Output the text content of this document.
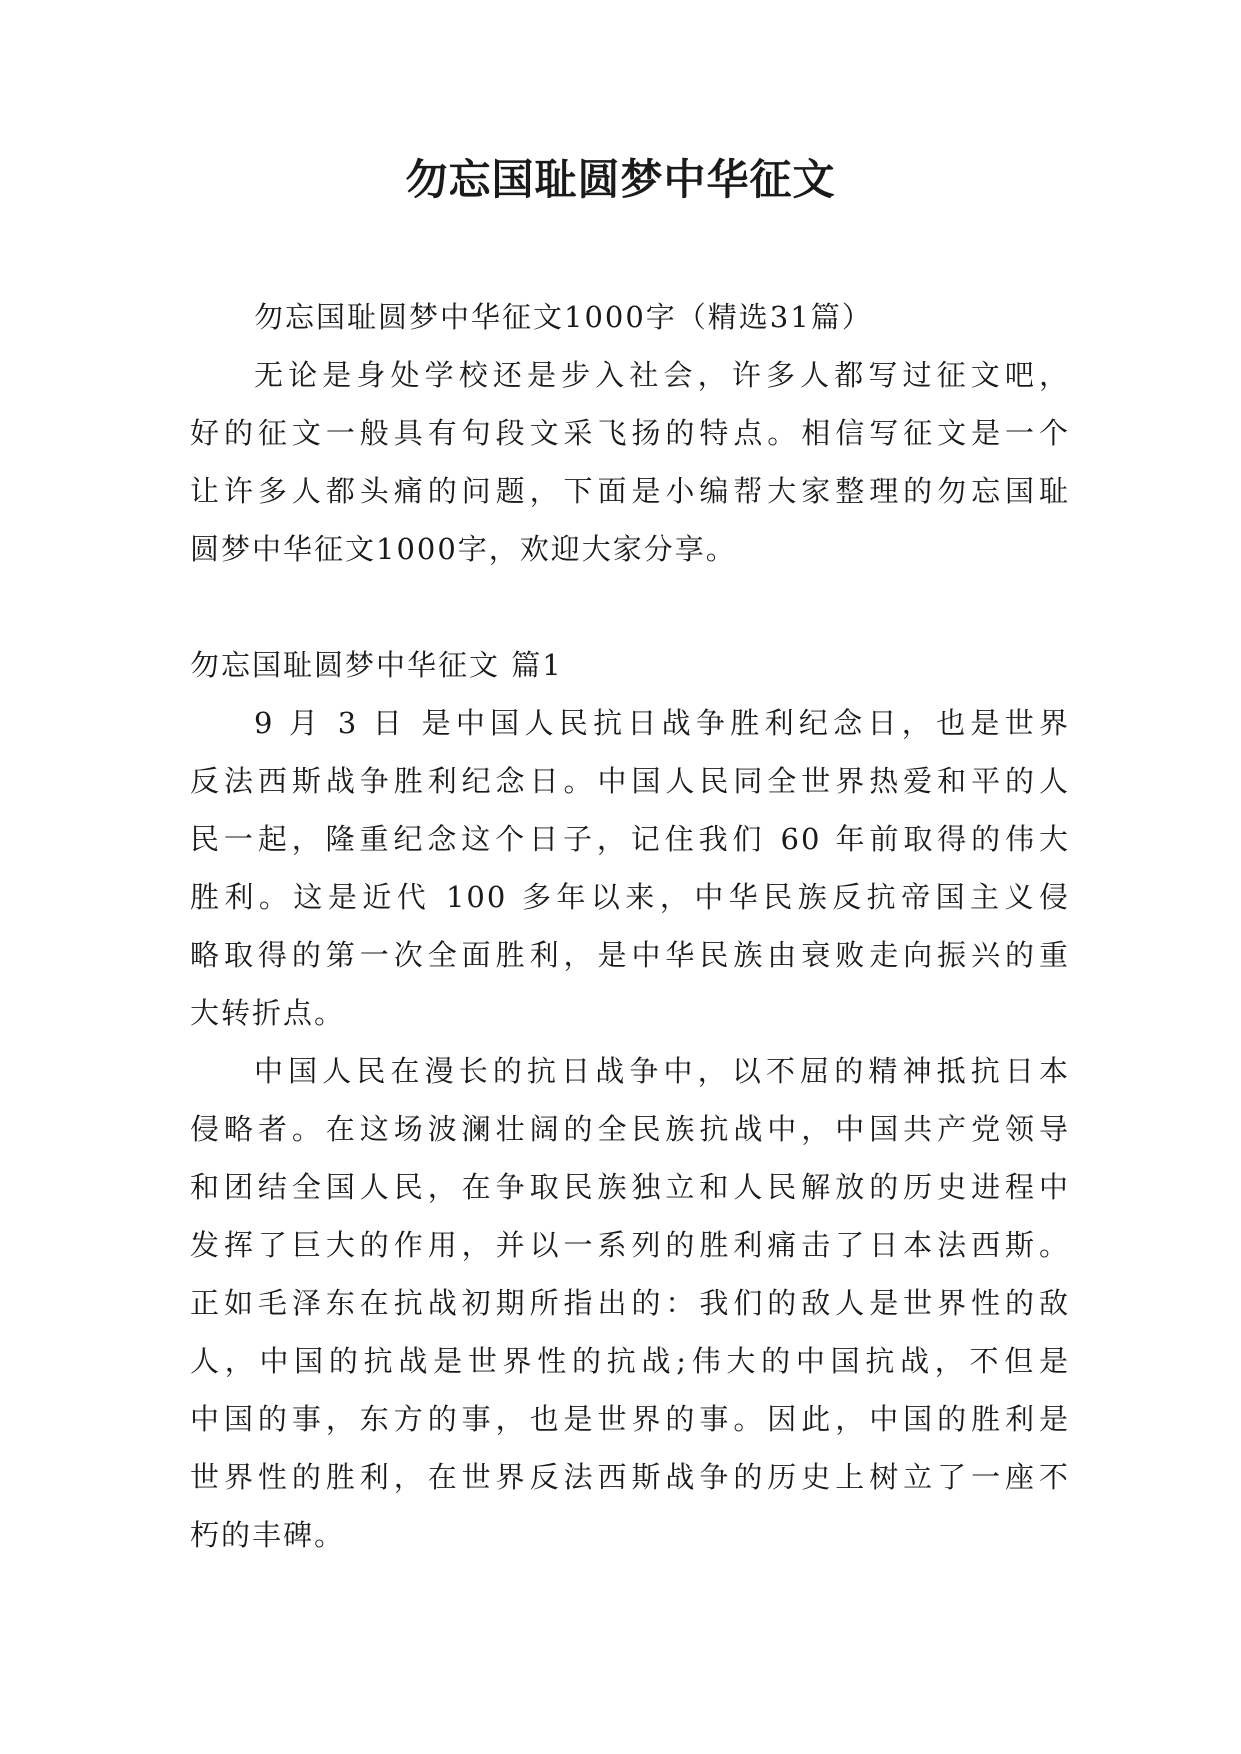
勿忘国耻圆梦中华征文
勿忘国耻圆梦中华征文1000字（精选31篇）
无论是身处学校还是步入社会，许多人都写过征文吧，
好的征文一般具有句段文采飞扬的特点。相信写征文是一个
让许多人都头痛的问题，下面是小编帮大家整理的勿忘国耻
圆梦中华征文1000字，欢迎大家分享。
勿忘国耻圆梦中华征文 篇1
9 月 3 日 是中国人民抗日战争胜利纪念日，也是世界
反法西斯战争胜利纪念日。中国人民同全世界热爱和平的人
民一起，隆重纪念这个日子，记住我们 60 年前取得的伟大
胜利。这是近代 100 多年以来，中华民族反抗帝国主义侵
略取得的第一次全面胜利，是中华民族由衰败走向振兴的重
大转折点。
中国人民在漫长的抗日战争中，以不屈的精神抵抗日本
侵略者。在这场波澜壮阔的全民族抗战中，中国共产党领导
和团结全国人民，在争取民族独立和人民解放的历史进程中
发挥了巨大的作用，并以一系列的胜利痛击了日本法西斯。
正如毛泽东在抗战初期所指出的：我们的敌人是世界性的敌
人，中国的抗战是世界性的抗战;伟大的中国抗战，不但是
中国的事，东方的事，也是世界的事。因此，中国的胜利是
世界性的胜利，在世界反法西斯战争的历史上树立了一座不
朽的丰碑。
